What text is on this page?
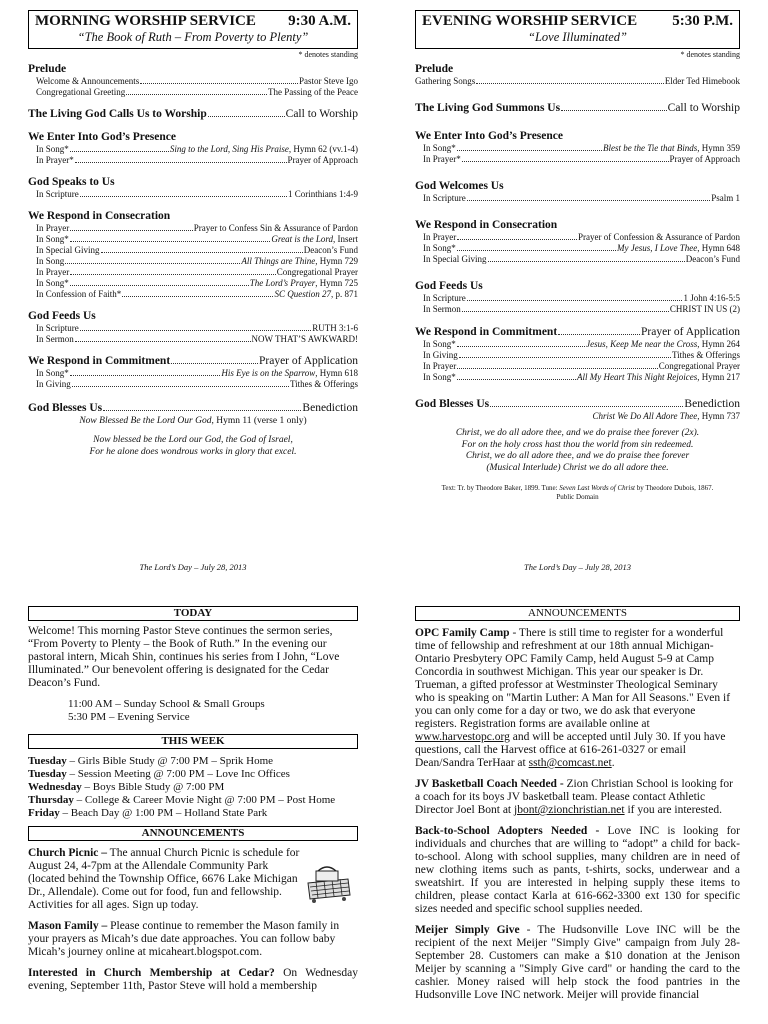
MORNING WORSHIP SERVICE 9:30 A.M.
“The Book of Ruth – From Poverty to Plenty”
* denotes standing
Prelude
Welcome & Announcements	Pastor Steve Igo
Congregational Greeting	The Passing of the Peace
The Living God Calls Us to Worship	Call to Worship
We Enter Into God’s Presence
In Song*	Sing to the Lord, Sing His Praise, Hymn 62 (vv.1-4)
In Prayer*	Prayer of Approach
God Speaks to Us
In Scripture	1 Corinthians 1:4-9
We Respond in Consecration
In Prayer	Prayer to Confess Sin & Assurance of Pardon
In Song*	Great is the Lord, Insert
In Special Giving	Deacon’s Fund
In Song	All Things are Thine, Hymn 729
In Prayer	Congregational Prayer
In Song*	The Lord’s Prayer, Hymn 725
In Confession of Faith*	SC Question 27, p. 871
God Feeds Us
In Scripture	RUTH 3:1-6
In Sermon	NOW THAT’S AWKWARD!
We Respond in Commitment	Prayer of Application
In Song*	His Eye is on the Sparrow, Hymn 618
In Giving	Tithes & Offerings
God Blesses Us	Benediction
Now Blessed Be the Lord Our God, Hymn 11 (verse 1 only)
Now blessed be the Lord our God, the God of Israel,
For he alone does wondrous works in glory that excel.
The Lord’s Day – July 28, 2013
EVENING WORSHIP SERVICE 5:30 P.M.
“Love Illuminated”
* denotes standing
Prelude
Gathering Songs	Elder Ted Himebook
The Living God Summons Us	Call to Worship
We Enter Into God’s Presence
In Song*	Blest be the Tie that Binds, Hymn 359
In Prayer*	Prayer of Approach
God Welcomes Us
In Scripture	Psalm 1
We Respond in Consecration
In Prayer	Prayer of Confession & Assurance of Pardon
In Song*	My Jesus, I Love Thee, Hymn 648
In Special Giving	Deacon’s Fund
God Feeds Us
In Scripture	1 John 4:16-5:5
In Sermon	CHRIST IN US (2)
We Respond in Commitment	Prayer of Application
In Song*	Jesus, Keep Me near the Cross, Hymn 264
In Giving	Tithes & Offerings
In Prayer	Congregational Prayer
In Song*	All My Heart This Night Rejoices, Hymn 217
God Blesses Us	Benediction
Christ We Do All Adore Thee, Hymn 737
Christ, we do all adore thee, and we do praise thee forever (2x).
For on the holy cross hast thou the world from sin redeemed.
Christ, we do all adore thee, and we do praise thee forever
(Musical Interlude) Christ we do all adore thee.
Text: Tr. by Theodore Baker, 1899. Tune: Seven Last Words of Christ by Theodore Dubois, 1867.
Public Domain
The Lord’s Day – July 28, 2013
TODAY

Welcome! This morning Pastor Steve continues the sermon series, “From Poverty to Plenty – the Book of Ruth.” In the evening our pastoral intern, Micah Shin, continues his series from I John, “Love Illuminated.” Our benevolent offering is designated for the Cedar Deacon’s Fund.

11:00 AM – Sunday School & Small Groups
5:30 PM – Evening Service
THIS WEEK
Tuesday – Girls Bible Study @ 7:00 PM – Sprik Home
Tuesday – Session Meeting @ 7:00 PM – Love Inc Offices
Wednesday – Boys Bible Study @ 7:00 PM
Thursday – College & Career Movie Night @ 7:00 PM – Post Home
Friday – Beach Day @ 1:00 PM – Holland State Park
ANNOUNCEMENTS

Church Picnic – The annual Church Picnic is schedule for August 24, 4-7pm at the Allendale Community Park (located behind the Township Office, 6676 Lake Michigan Dr., Allendale). Come out for food, fun and fellowship. Activities for all ages. Sign up today.

Mason Family – Please continue to remember the Mason family in your prayers as Micah’s due date approaches. You can follow baby Micah’s journey online at micaheart.blogspot.com.

Interested in Church Membership at Cedar? On Wednesday evening, September 11th, Pastor Steve will hold a membership

ANNOUNCEMENTS

OPC Family Camp - There is still time to register for a wonderful time of fellowship and refreshment at our 18th annual Michigan-Ontario Presbytery OPC Family Camp, held August 5-9 at Camp Concordia in southwest Michigan. This year our speaker is Dr. Trueman, a gifted professor at Westminster Theological Seminary who is speaking on "Martin Luther: A Man for All Seasons." Even if you can only come for a day or two, we do ask that everyone registers. Registration forms are available online at www.harvestopc.org and will be accepted until July 30. If you have questions, call the Harvest office at 616-261-0327 or email Dean/Sandra TerHaar at ssth@comcast.net.

JV Basketball Coach Needed - Zion Christian School is looking for a coach for its boys JV basketball team. Please contact Athletic Director Joel Bont at jbont@zionchristian.net if you are interested.

Back-to-School Adopters Needed - Love INC is looking for individuals and churches that are willing to “adopt” a child for back-to-school. Along with school supplies, many children are in need of new clothing items such as pants, t-shirts, socks, underwear and a sweatshirt. If you are interested in helping supply these items to children, please contact Karla at 616-662-3300 ext 130 for specific sizes needed and specific school supplies needed.

Meijer Simply Give - The Hudsonville Love INC will be the recipient of the next Meijer "Simply Give" campaign from July 28-September 28. Customers can make a $10 donation at the Jenison Meijer by scanning a "Simply Give card" or handing the card to the cashier. Money raised will help stock the food pantries in the Hudsonville Love INC network. Meijer will provide financial
